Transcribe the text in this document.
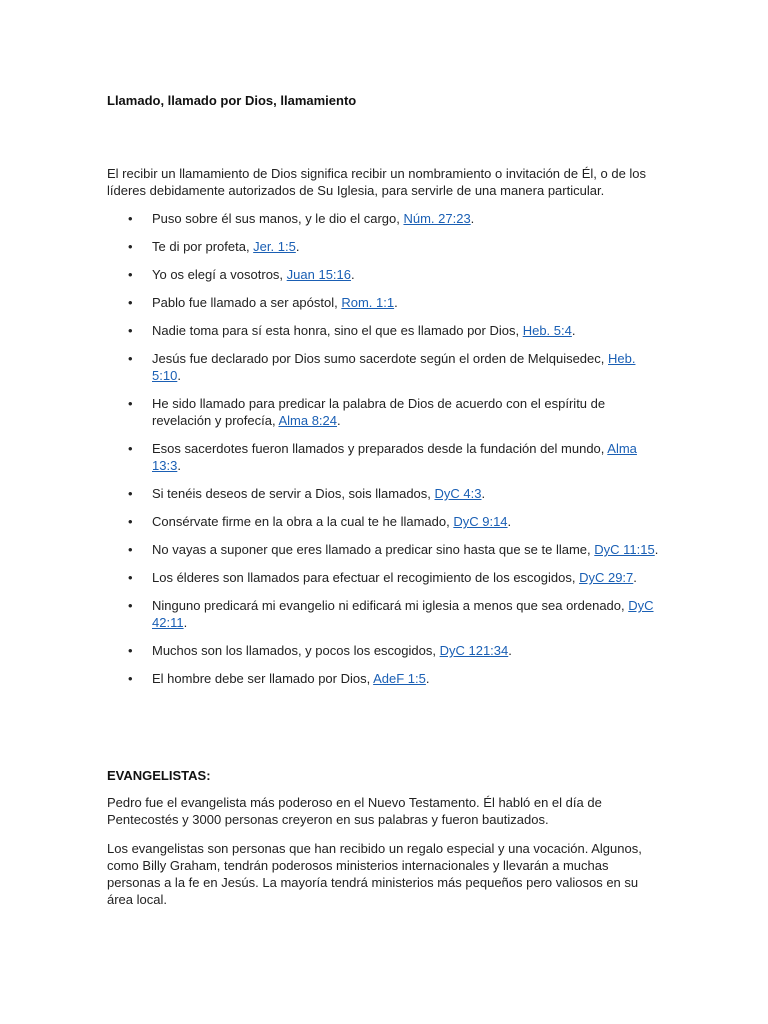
Llamado, llamado por Dios, llamamiento

El recibir un llamamiento de Dios significa recibir un nombramiento o invitación de Él, o de los líderes debidamente autorizados de Su Iglesia, para servirle de una manera particular.

• Puso sobre él sus manos, y le dio el cargo, Núm. 27:23.
• Te di por profeta, Jer. 1:5.
• Yo os elegí a vosotros, Juan 15:16.
• Pablo fue llamado a ser apóstol, Rom. 1:1.
• Nadie toma para sí esta honra, sino el que es llamado por Dios, Heb. 5:4.
• Jesús fue declarado por Dios sumo sacerdote según el orden de Melquisedec, Heb. 5:10.
• He sido llamado para predicar la palabra de Dios de acuerdo con el espíritu de revelación y profecía, Alma 8:24.
• Esos sacerdotes fueron llamados y preparados desde la fundación del mundo, Alma 13:3.
• Si tenéis deseos de servir a Dios, sois llamados, DyC 4:3.
• Consérvate firme en la obra a la cual te he llamado, DyC 9:14.
• No vayas a suponer que eres llamado a predicar sino hasta que se te llame, DyC 11:15.
• Los élderes son llamados para efectuar el recogimiento de los escogidos, DyC 29:7.
• Ninguno predicará mi evangelio ni edificará mi iglesia a menos que sea ordenado, DyC 42:11.
• Muchos son los llamados, y pocos los escogidos, DyC 121:34.
• El hombre debe ser llamado por Dios, AdeF 1:5.
EVANGELISTAS:

Pedro fue el evangelista más poderoso en el Nuevo Testamento. Él habló en el día de Pentecostés y 3000 personas creyeron en sus palabras y fueron bautizados.

Los evangelistas son personas que han recibido un regalo especial y una vocación. Algunos, como Billy Graham, tendrán poderosos ministerios internacionales y llevarán a muchas personas a la fe en Jesús. La mayoría tendrá ministerios más pequeños pero valiosos en su área local.
